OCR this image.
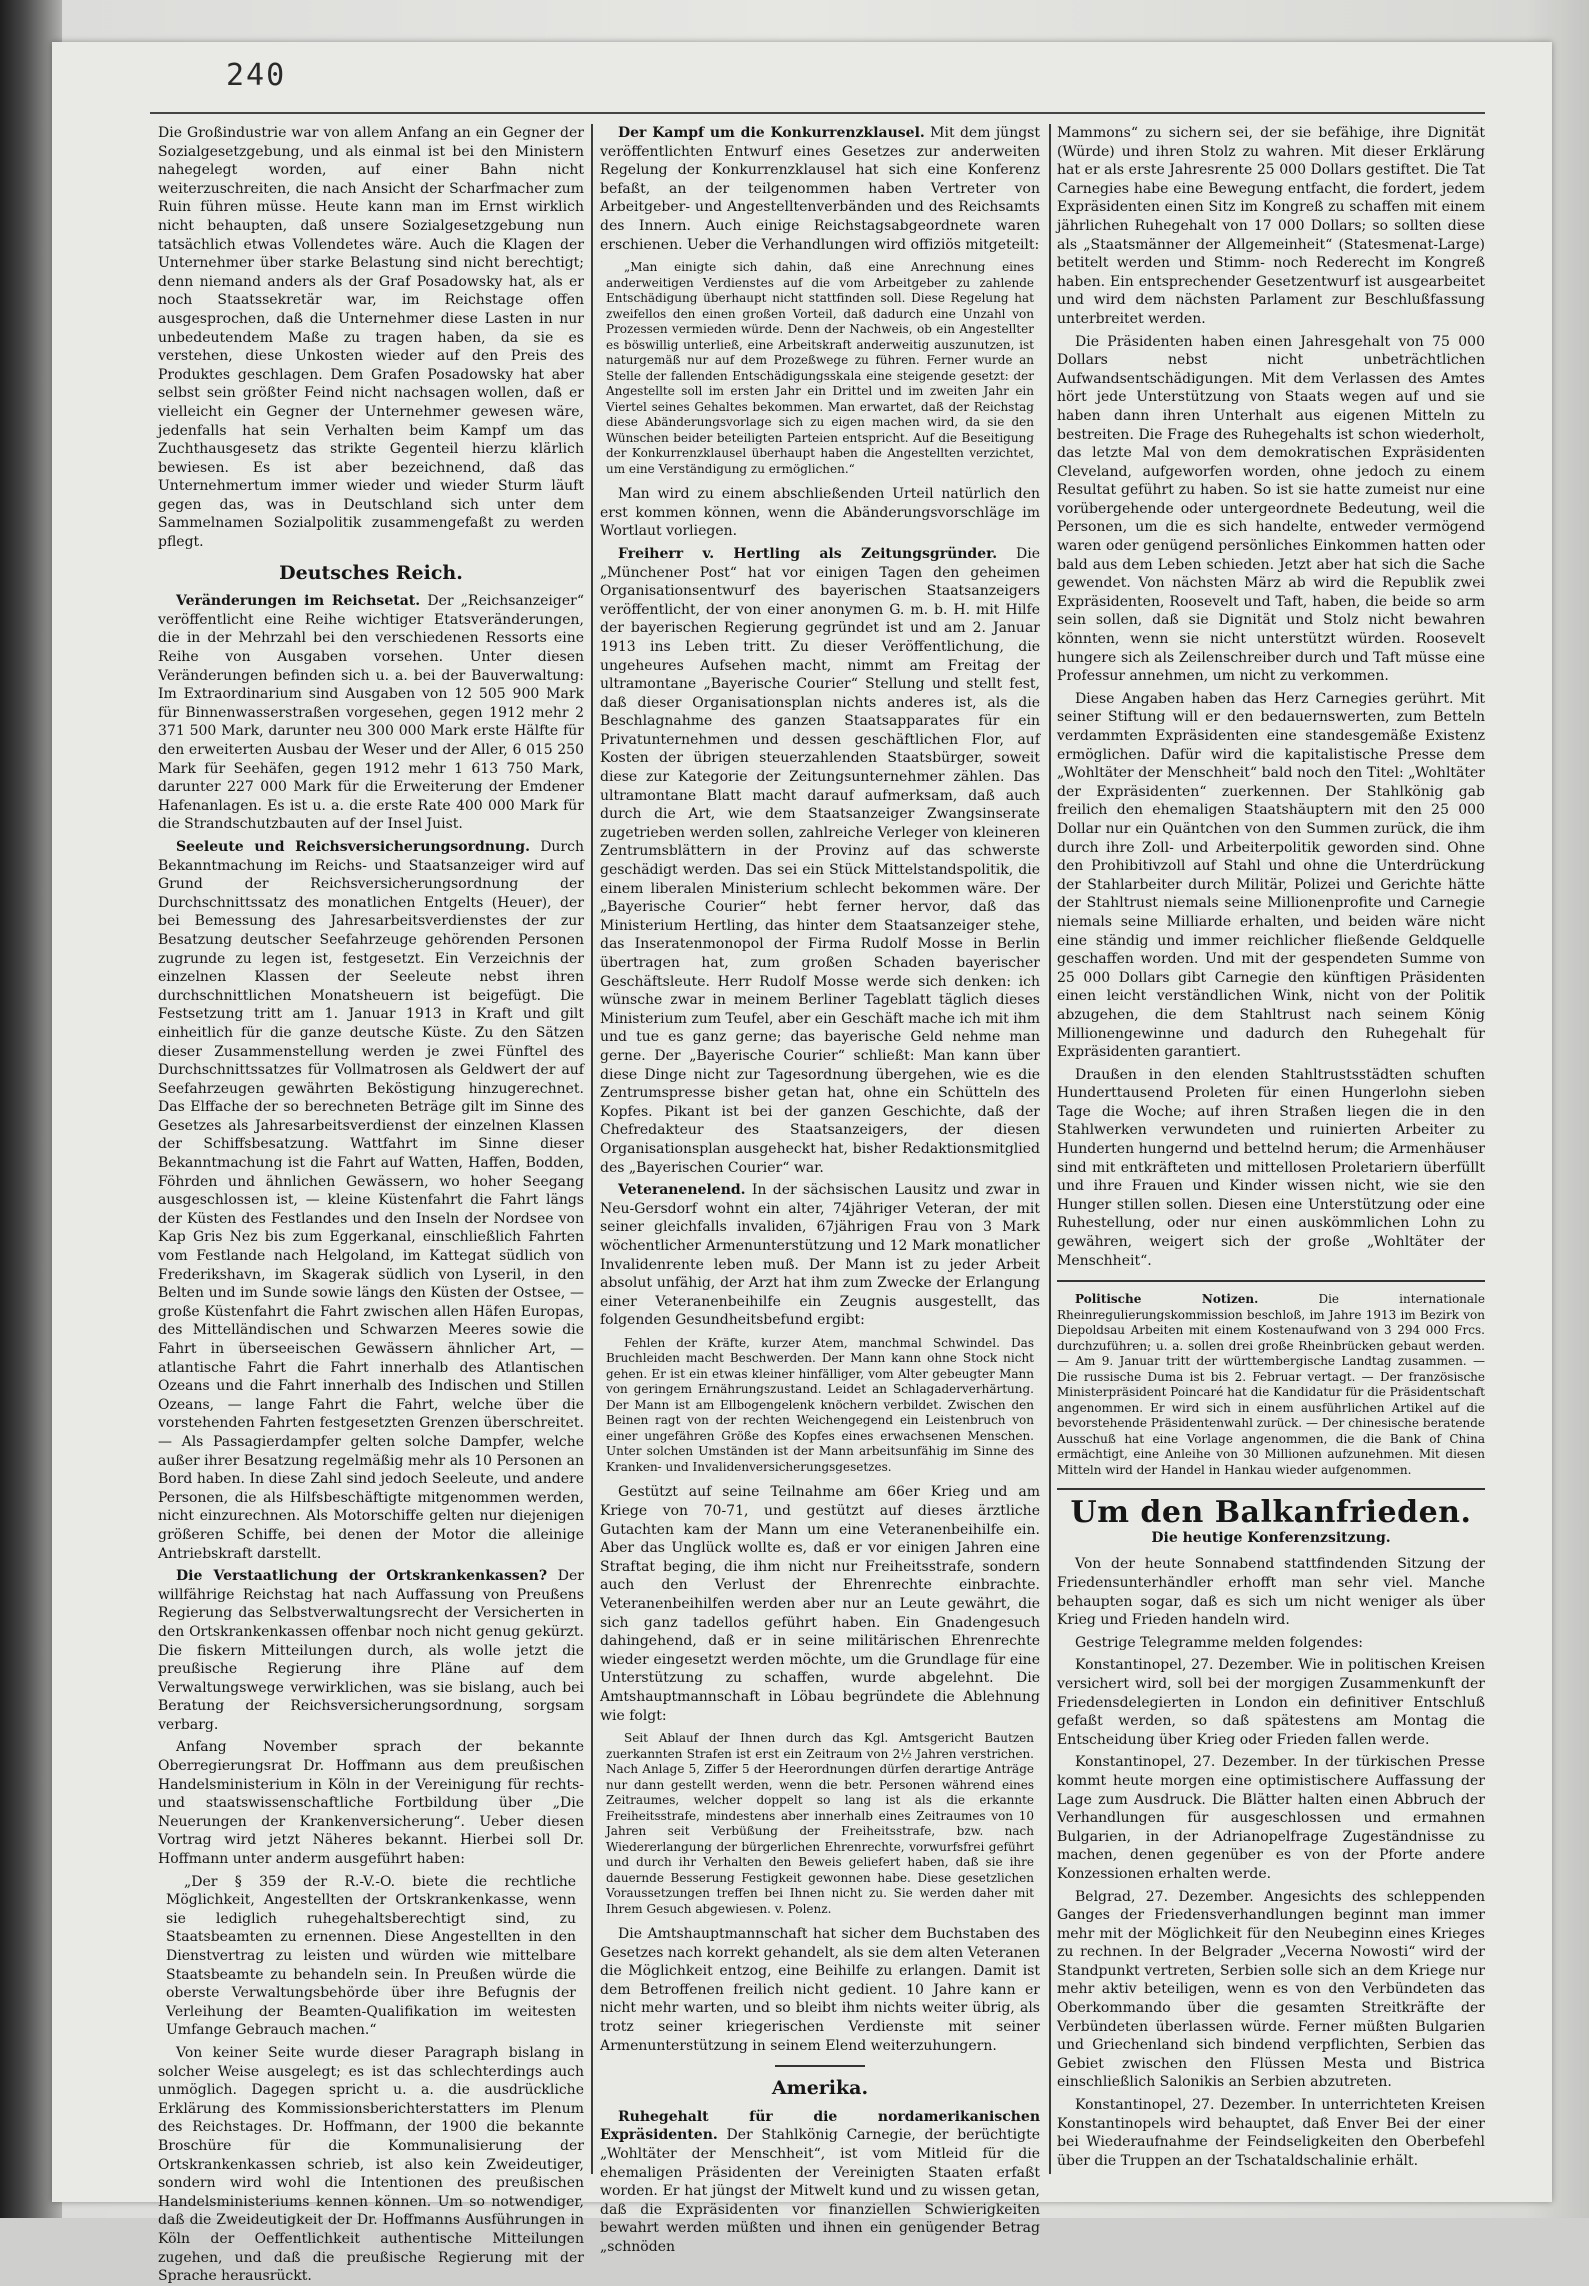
240

Die Großindustrie war von allem Anfang an ein Gegner der Sozialgesetzgebung, und als einmal ist bei den Ministern nahegelegt worden, auf einer Bahn nicht weiterzuschreiten, die nach Ansicht der Scharfmacher zum Ruin führen müsse. Heute kann man im Ernst wirklich nicht behaupten, daß unsere Sozialgesetzgebung nun tatsächlich etwas Vollendetes wäre. Auch die Klagen der Unternehmer über starke Belastung sind nicht berechtigt; denn niemand anders als der Graf Posadowsky hat, als er noch Staatssekretär war, im Reichstage offen ausgesprochen, daß die Unternehmer diese Lasten in nur unbedeutendem Maße zu tragen haben, da sie es verstehen, diese Unkosten wieder auf den Preis des Produktes geschlagen. Dem Grafen Posadowsky hat aber selbst sein größter Feind nicht nachsagen wollen, daß er vielleicht ein Gegner der Unternehmer gewesen wäre, jedenfalls hat sein Verhalten beim Kampf um das Zuchthausgesetz das strikte Gegenteil hierzu klärlich bewiesen. Es ist aber bezeichnend, daß das Unternehmertum immer wieder und wieder Sturm läuft gegen das, was in Deutschland sich unter dem Sammelnamen Sozialpolitik zusammengefaßt zu werden pflegt.

Deutsches Reich.

Veränderungen im Reichsetat. Der „Reichsanzeiger“ veröffentlicht eine Reihe wichtiger Etatsveränderungen, die in der Mehrzahl bei den verschiedenen Ressorts eine Reihe von Ausgaben vorsehen. Unter diesen Veränderungen befinden sich u. a. bei der Bauverwaltung: Im Extraordinarium sind Ausgaben von 12 505 900 Mark für Binnenwasserstraßen vorgesehen, gegen 1912 mehr 2 371 500 Mark, darunter neu 300 000 Mark erste Hälfte für den erweiterten Ausbau der Weser und der Aller, 6 015 250 Mark für Seehäfen, gegen 1912 mehr 1 613 750 Mark, darunter 227 000 Mark für die Erweiterung der Emdener Hafenanlagen. Es ist u. a. die erste Rate 400 000 Mark für die Strandschutzbauten auf der Insel Juist.

Seeleute und Reichsversicherungsordnung. Durch Bekanntmachung im Reichs- und Staatsanzeiger wird auf Grund der Reichsversicherungsordnung der Durchschnittssatz des monatlichen Entgelts (Heuer), der bei Bemessung des Jahresarbeitsverdienstes der zur Besatzung deutscher Seefahrzeuge gehörenden Personen zugrunde zu legen ist, festgesetzt. Ein Verzeichnis der einzelnen Klassen der Seeleute nebst ihren durchschnittlichen Monatsheuern ist beigefügt. Die Festsetzung tritt am 1. Januar 1913 in Kraft und gilt einheitlich für die ganze deutsche Küste. Zu den Sätzen dieser Zusammenstellung werden je zwei Fünftel des Durchschnittssatzes für Vollmatrosen als Geldwert der auf Seefahrzeugen gewährten Beköstigung hinzugerechnet. Das Elffache der so berechneten Beträge gilt im Sinne des Gesetzes als Jahresarbeitsverdienst der einzelnen Klassen der Schiffsbesatzung. Wattfahrt im Sinne dieser Bekanntmachung ist die Fahrt auf Watten, Haffen, Bodden, Föhrden und ähnlichen Gewässern, wo hoher Seegang ausgeschlossen ist, — kleine Küstenfahrt die Fahrt längs der Küsten des Festlandes und den Inseln der Nordsee von Kap Gris Nez bis zum Eggerkanal, einschließlich Fahrten vom Festlande nach Helgoland, im Kattegat südlich von Frederikshavn, im Skagerak südlich von Lyseril, in den Belten und im Sunde sowie längs den Küsten der Ostsee, — große Küstenfahrt die Fahrt zwischen allen Häfen Europas, des Mittelländischen und Schwarzen Meeres sowie die Fahrt in überseeischen Gewässern ähnlicher Art, — atlantische Fahrt die Fahrt innerhalb des Atlantischen Ozeans und die Fahrt innerhalb des Indischen und Stillen Ozeans, — lange Fahrt die Fahrt, welche über die vorstehenden Fahrten festgesetzten Grenzen überschreitet. — Als Passagierdampfer gelten solche Dampfer, welche außer ihrer Besatzung regelmäßig mehr als 10 Personen an Bord haben. In diese Zahl sind jedoch Seeleute, und andere Personen, die als Hilfsbeschäftigte mitgenommen werden, nicht einzurechnen. Als Motorschiffe gelten nur diejenigen größeren Schiffe, bei denen der Motor die alleinige Antriebskraft darstellt.

Die Verstaatlichung der Ortskrankenkassen? Der willfährige Reichstag hat nach Auffassung von Preußens Regierung das Selbstverwaltungsrecht der Versicherten in den Ortskrankenkassen offenbar noch nicht genug gekürzt. Die fiskern Mitteilungen durch, als wolle jetzt die preußische Regierung ihre Pläne auf dem Verwaltungswege verwirklichen, was sie bislang, auch bei Beratung der Reichsversicherungsordnung, sorgsam verbarg.

Anfang November sprach der bekannte Oberregierungsrat Dr. Hoffmann aus dem preußischen Handelsministerium in Köln in der Vereinigung für rechts- und staatswissenschaftliche Fortbildung über „Die Neuerungen der Krankenversicherung“. Ueber diesen Vortrag wird jetzt Näheres bekannt. Hierbei soll Dr. Hoffmann unter anderm ausgeführt haben:

„Der § 359 der R.-V.-O. biete die rechtliche Möglichkeit, Angestellten der Ortskrankenkasse, wenn sie lediglich ruhegehaltsberechtigt sind, zu Staatsbeamten zu ernennen. Diese Angestellten in den Dienstvertrag zu leisten und würden wie mittelbare Staatsbeamte zu behandeln sein. In Preußen würde die oberste Verwaltungsbehörde über ihre Befugnis der Verleihung der Beamten-Qualifikation im weitesten Umfange Gebrauch machen.“

Von keiner Seite wurde dieser Paragraph bislang in solcher Weise ausgelegt; es ist das schlechterdings auch unmöglich. Dagegen spricht u. a. die ausdrückliche Erklärung des Kommissionsberichterstatters im Plenum des Reichstages. Dr. Hoffmann, der 1900 die bekannte Broschüre für die Kommunalisierung der Ortskrankenkassen schrieb, ist also kein Zweideutiger, sondern wird wohl die Intentionen des preußischen Handelsministeriums kennen können. Um so notwendiger, daß die Zweideutigkeit der Dr. Hoffmanns Ausführungen in Köln der Oeffentlichkeit authentische Mitteilungen zugehen, und daß die preußische Regierung mit der Sprache herausrückt.

Der Kampf um die Konkurrenzklausel. Mit dem jüngst veröffentlichten Entwurf eines Gesetzes zur anderweiten Regelung der Konkurrenzklausel hat sich eine Konferenz befaßt, an der teilgenommen haben Vertreter von Arbeitgeber- und Angestelltenverbänden und des Reichsamts des Innern. Auch einige Reichstagsabgeordnete waren erschienen. Ueber die Verhandlungen wird offiziös mitgeteilt:

„Man einigte sich dahin, daß eine Anrechnung eines anderweitigen Verdienstes auf die vom Arbeitgeber zu zahlende Entschädigung überhaupt nicht stattfinden soll. Diese Regelung hat zweifellos den einen großen Vorteil, daß dadurch eine Unzahl von Prozessen vermieden würde. Denn der Nachweis, ob ein Angestellter es böswillig unterließ, eine Arbeitskraft anderweitig auszunutzen, ist naturgemäß nur auf dem Prozeßwege zu führen. Ferner wurde an Stelle der fallenden Entschädigungsskala eine steigende gesetzt: der Angestellte soll im ersten Jahr ein Drittel und im zweiten Jahr ein Viertel seines Gehaltes bekommen. Man erwartet, daß der Reichstag diese Abänderungsvorlage sich zu eigen machen wird, da sie den Wünschen beider beteiligten Parteien entspricht. Auf die Beseitigung der Konkurrenzklausel überhaupt haben die Angestellten verzichtet, um eine Verständigung zu ermöglichen.“

Man wird zu einem abschließenden Urteil natürlich den erst kommen können, wenn die Abänderungsvorschläge im Wortlaut vorliegen.

Freiherr v. Hertling als Zeitungsgründer. Die „Münchener Post“ hat vor einigen Tagen den geheimen Organisationsentwurf des bayerischen Staatsanzeigers veröffentlicht, der von einer anonymen G. m. b. H. mit Hilfe der bayerischen Regierung gegründet ist und am 2. Januar 1913 ins Leben tritt. Zu dieser Veröffentlichung, die ungeheures Aufsehen macht, nimmt am Freitag der ultramontane „Bayerische Courier“ Stellung und stellt fest, daß dieser Organisationsplan nichts anderes ist, als die Beschlagnahme des ganzen Staatsapparates für ein Privatunternehmen und dessen geschäftlichen Flor, auf Kosten der übrigen steuerzahlenden Staatsbürger, soweit diese zur Kategorie der Zeitungsunternehmer zählen. Das ultramontane Blatt macht darauf aufmerksam, daß auch durch die Art, wie dem Staatsanzeiger Zwangsinserate zugetrieben werden sollen, zahlreiche Verleger von kleineren Zentrumsblättern in der Provinz auf das schwerste geschädigt werden. Das sei ein Stück Mittelstandspolitik, die einem liberalen Ministerium schlecht bekommen wäre. Der „Bayerische Courier“ hebt ferner hervor, daß das Ministerium Hertling, das hinter dem Staatsanzeiger stehe, das Inseratenmonopol der Firma Rudolf Mosse in Berlin übertragen hat, zum großen Schaden bayerischer Geschäftsleute. Herr Rudolf Mosse werde sich denken: ich wünsche zwar in meinem Berliner Tageblatt täglich dieses Ministerium zum Teufel, aber ein Geschäft mache ich mit ihm und tue es ganz gerne; das bayerische Geld nehme man gerne. Der „Bayerische Courier“ schließt: Man kann über diese Dinge nicht zur Tagesordnung übergehen, wie es die Zentrumspresse bisher getan hat, ohne ein Schütteln des Kopfes. Pikant ist bei der ganzen Geschichte, daß der Chefredakteur des Staatsanzeigers, der diesen Organisationsplan ausgeheckt hat, bisher Redaktionsmitglied des „Bayerischen Courier“ war.

Veteranenelend. In der sächsischen Lausitz und zwar in Neu-Gersdorf wohnt ein alter, 74jähriger Veteran, der mit seiner gleichfalls invaliden, 67jährigen Frau von 3 Mark wöchentlicher Armenunterstützung und 12 Mark monatlicher Invalidenrente leben muß. Der Mann ist zu jeder Arbeit absolut unfähig, der Arzt hat ihm zum Zwecke der Erlangung einer Veteranenbeihilfe ein Zeugnis ausgestellt, das folgenden Gesundheitsbefund ergibt:

Fehlen der Kräfte, kurzer Atem, manchmal Schwindel. Das Bruchleiden macht Beschwerden. Der Mann kann ohne Stock nicht gehen. Er ist ein etwas kleiner hinfälliger, vom Alter gebeugter Mann von geringem Ernährungszustand. Leidet an Schlagaderverhärtung. Der Mann ist am Ellbogengelenk knöchern verbildet. Zwischen den Beinen ragt von der rechten Weichengegend ein Leistenbruch von einer ungefähren Größe des Kopfes eines erwachsenen Menschen. Unter solchen Umständen ist der Mann arbeitsunfähig im Sinne des Kranken- und Invalidenversicherungsgesetzes.

Gestützt auf seine Teilnahme am 66er Krieg und am Kriege von 70-71, und gestützt auf dieses ärztliche Gutachten kam der Mann um eine Veteranenbeihilfe ein. Aber das Unglück wollte es, daß er vor einigen Jahren eine Straftat beging, die ihm nicht nur Freiheitsstrafe, sondern auch den Verlust der Ehrenrechte einbrachte. Veteranenbeihilfen werden aber nur an Leute gewährt, die sich ganz tadellos geführt haben. Ein Gnadengesuch dahingehend, daß er in seine militärischen Ehrenrechte wieder eingesetzt werden möchte, um die Grundlage für eine Unterstützung zu schaffen, wurde abgelehnt. Die Amtshauptmannschaft in Löbau begründete die Ablehnung wie folgt:

Seit Ablauf der Ihnen durch das Kgl. Amtsgericht Bautzen zuerkannten Strafen ist erst ein Zeitraum von 2½ Jahren verstrichen. Nach Anlage 5, Ziffer 5 der Heerordnungen dürfen derartige Anträge nur dann gestellt werden, wenn die betr. Personen während eines Zeitraumes, welcher doppelt so lang ist als die erkannte Freiheitsstrafe, mindestens aber innerhalb eines Zeitraumes von 10 Jahren seit Verbüßung der Freiheitsstrafe, bzw. nach Wiedererlangung der bürgerlichen Ehrenrechte, vorwurfsfrei geführt und durch ihr Verhalten den Beweis geliefert haben, daß sie ihre dauernde Besserung Festigkeit gewonnen habe. Diese gesetzlichen Voraussetzungen treffen bei Ihnen nicht zu. Sie werden daher mit Ihrem Gesuch abgewiesen. v. Polenz.

Die Amtshauptmannschaft hat sicher dem Buchstaben des Gesetzes nach korrekt gehandelt, als sie dem alten Veteranen die Möglichkeit entzog, eine Beihilfe zu erlangen. Damit ist dem Betroffenen freilich nicht gedient. 10 Jahre kann er nicht mehr warten, und so bleibt ihm nichts weiter übrig, als trotz seiner kriegerischen Verdienste mit seiner Armenunterstützung in seinem Elend weiterzuhungern.

Amerika.

Ruhegehalt für die nordamerikanischen Expräsidenten. Der Stahlkönig Carnegie, der berüchtigte „Wohltäter der Menschheit“, ist vom Mitleid für die ehemaligen Präsidenten der Vereinigten Staaten erfaßt worden. Er hat jüngst der Mitwelt kund und zu wissen getan, daß die Expräsidenten vor finanziellen Schwierigkeiten bewahrt werden müßten und ihnen ein genügender Betrag „schnöden

Mammons“ zu sichern sei, der sie befähige, ihre Dignität (Würde) und ihren Stolz zu wahren. Mit dieser Erklärung hat er als erste Jahresrente 25 000 Dollars gestiftet. Die Tat Carnegies habe eine Bewegung entfacht, die fordert, jedem Expräsidenten einen Sitz im Kongreß zu schaffen mit einem jährlichen Ruhegehalt von 17 000 Dollars; so sollten diese als „Staatsmänner der Allgemeinheit“ (Statesmenat-Large) betitelt werden und Stimm- noch Rederecht im Kongreß haben. Ein entsprechender Gesetzentwurf ist ausgearbeitet und wird dem nächsten Parlament zur Beschlußfassung unterbreitet werden.

Die Präsidenten haben einen Jahresgehalt von 75 000 Dollars nebst nicht unbeträchtlichen Aufwandsentschädigungen. Mit dem Verlassen des Amtes hört jede Unterstützung von Staats wegen auf und sie haben dann ihren Unterhalt aus eigenen Mitteln zu bestreiten. Die Frage des Ruhegehalts ist schon wiederholt, das letzte Mal von dem demokratischen Expräsidenten Cleveland, aufgeworfen worden, ohne jedoch zu einem Resultat geführt zu haben. So ist sie hatte zumeist nur eine vorübergehende oder untergeordnete Bedeutung, weil die Personen, um die es sich handelte, entweder vermögend waren oder genügend persönliches Einkommen hatten oder bald aus dem Leben schieden. Jetzt aber hat sich die Sache gewendet. Von nächsten März ab wird die Republik zwei Expräsidenten, Roosevelt und Taft, haben, die beide so arm sein sollen, daß sie Dignität und Stolz nicht bewahren könnten, wenn sie nicht unterstützt würden. Roosevelt hungere sich als Zeilenschreiber durch und Taft müsse eine Professur annehmen, um nicht zu verkommen.

Diese Angaben haben das Herz Carnegies gerührt. Mit seiner Stiftung will er den bedauernswerten, zum Betteln verdammten Expräsidenten eine standesgemäße Existenz ermöglichen. Dafür wird die kapitalistische Presse dem „Wohltäter der Menschheit“ bald noch den Titel: „Wohltäter der Expräsidenten“ zuerkennen. Der Stahlkönig gab freilich den ehemaligen Staatshäuptern mit den 25 000 Dollar nur ein Quäntchen von den Summen zurück, die ihm durch ihre Zoll- und Arbeiterpolitik geworden sind. Ohne den Prohibitivzoll auf Stahl und ohne die Unterdrückung der Stahlarbeiter durch Militär, Polizei und Gerichte hätte der Stahltrust niemals seine Millionenprofite und Carnegie niemals seine Milliarde erhalten, und beiden wäre nicht eine ständig und immer reichlicher fließende Geldquelle geschaffen worden. Und mit der gespendeten Summe von 25 000 Dollars gibt Carnegie den künftigen Präsidenten einen leicht verständlichen Wink, nicht von der Politik abzugehen, die dem Stahltrust nach seinem König Millionengewinne und dadurch den Ruhegehalt für Expräsidenten garantiert.

Draußen in den elenden Stahltrustsstädten schuften Hunderttausend Proleten für einen Hungerlohn sieben Tage die Woche; auf ihren Straßen liegen die in den Stahlwerken verwundeten und ruinierten Arbeiter zu Hunderten hungernd und bettelnd herum; die Armenhäuser sind mit entkräfteten und mittellosen Proletariern überfüllt und ihre Frauen und Kinder wissen nicht, wie sie den Hunger stillen sollen. Diesen eine Unterstützung oder eine Ruhestellung, oder nur einen auskömmlichen Lohn zu gewähren, weigert sich der große „Wohltäter der Menschheit“.

Politische Notizen. Die internationale Rheinregulierungskommission beschloß, im Jahre 1913 im Bezirk von Diepoldsau Arbeiten mit einem Kostenaufwand von 3 294 000 Frcs. durchzuführen; u. a. sollen drei große Rheinbrücken gebaut werden. — Am 9. Januar tritt der württembergische Landtag zusammen. — Die russische Duma ist bis 2. Februar vertagt. — Der französische Ministerpräsident Poincaré hat die Kandidatur für die Präsidentschaft angenommen. Er wird sich in einem ausführlichen Artikel auf die bevorstehende Präsidentenwahl zurück. — Der chinesische beratende Ausschuß hat eine Vorlage angenommen, die die Bank of China ermächtigt, eine Anleihe von 30 Millionen aufzunehmen. Mit diesen Mitteln wird der Handel in Hankau wieder aufgenommen.

Um den Balkanfrieden.
Die heutige Konferenzsitzung.

Von der heute Sonnabend stattfindenden Sitzung der Friedensunterhändler erhofft man sehr viel. Manche behaupten sogar, daß es sich um nicht weniger als über Krieg und Frieden handeln wird.

Gestrige Telegramme melden folgendes:

Konstantinopel, 27. Dezember. Wie in politischen Kreisen versichert wird, soll bei der morgigen Zusammenkunft der Friedensdelegierten in London ein definitiver Entschluß gefaßt werden, so daß spätestens am Montag die Entscheidung über Krieg oder Frieden fallen werde.

Konstantinopel, 27. Dezember. In der türkischen Presse kommt heute morgen eine optimistischere Auffassung der Lage zum Ausdruck. Die Blätter halten einen Abbruch der Verhandlungen für ausgeschlossen und ermahnen Bulgarien, in der Adrianopelfrage Zugeständnisse zu machen, denen gegenüber es von der Pforte andere Konzessionen erhalten werde.

Belgrad, 27. Dezember. Angesichts des schleppenden Ganges der Friedensverhandlungen beginnt man immer mehr mit der Möglichkeit für den Neubeginn eines Krieges zu rechnen. In der Belgrader „Vecerna Nowosti“ wird der Standpunkt vertreten, Serbien solle sich an dem Kriege nur mehr aktiv beteiligen, wenn es von den Verbündeten das Oberkommando über die gesamten Streitkräfte der Verbündeten überlassen würde. Ferner müßten Bulgarien und Griechenland sich bindend verpflichten, Serbien das Gebiet zwischen den Flüssen Mesta und Bistrica einschließlich Salonikis an Serbien abzutreten.

Konstantinopel, 27. Dezember. In unterrichteten Kreisen Konstantinopels wird behauptet, daß Enver Bei der einer bei Wiederaufnahme der Feindseligkeiten den Oberbefehl über die Truppen an der Tschataldschalinie erhält.
